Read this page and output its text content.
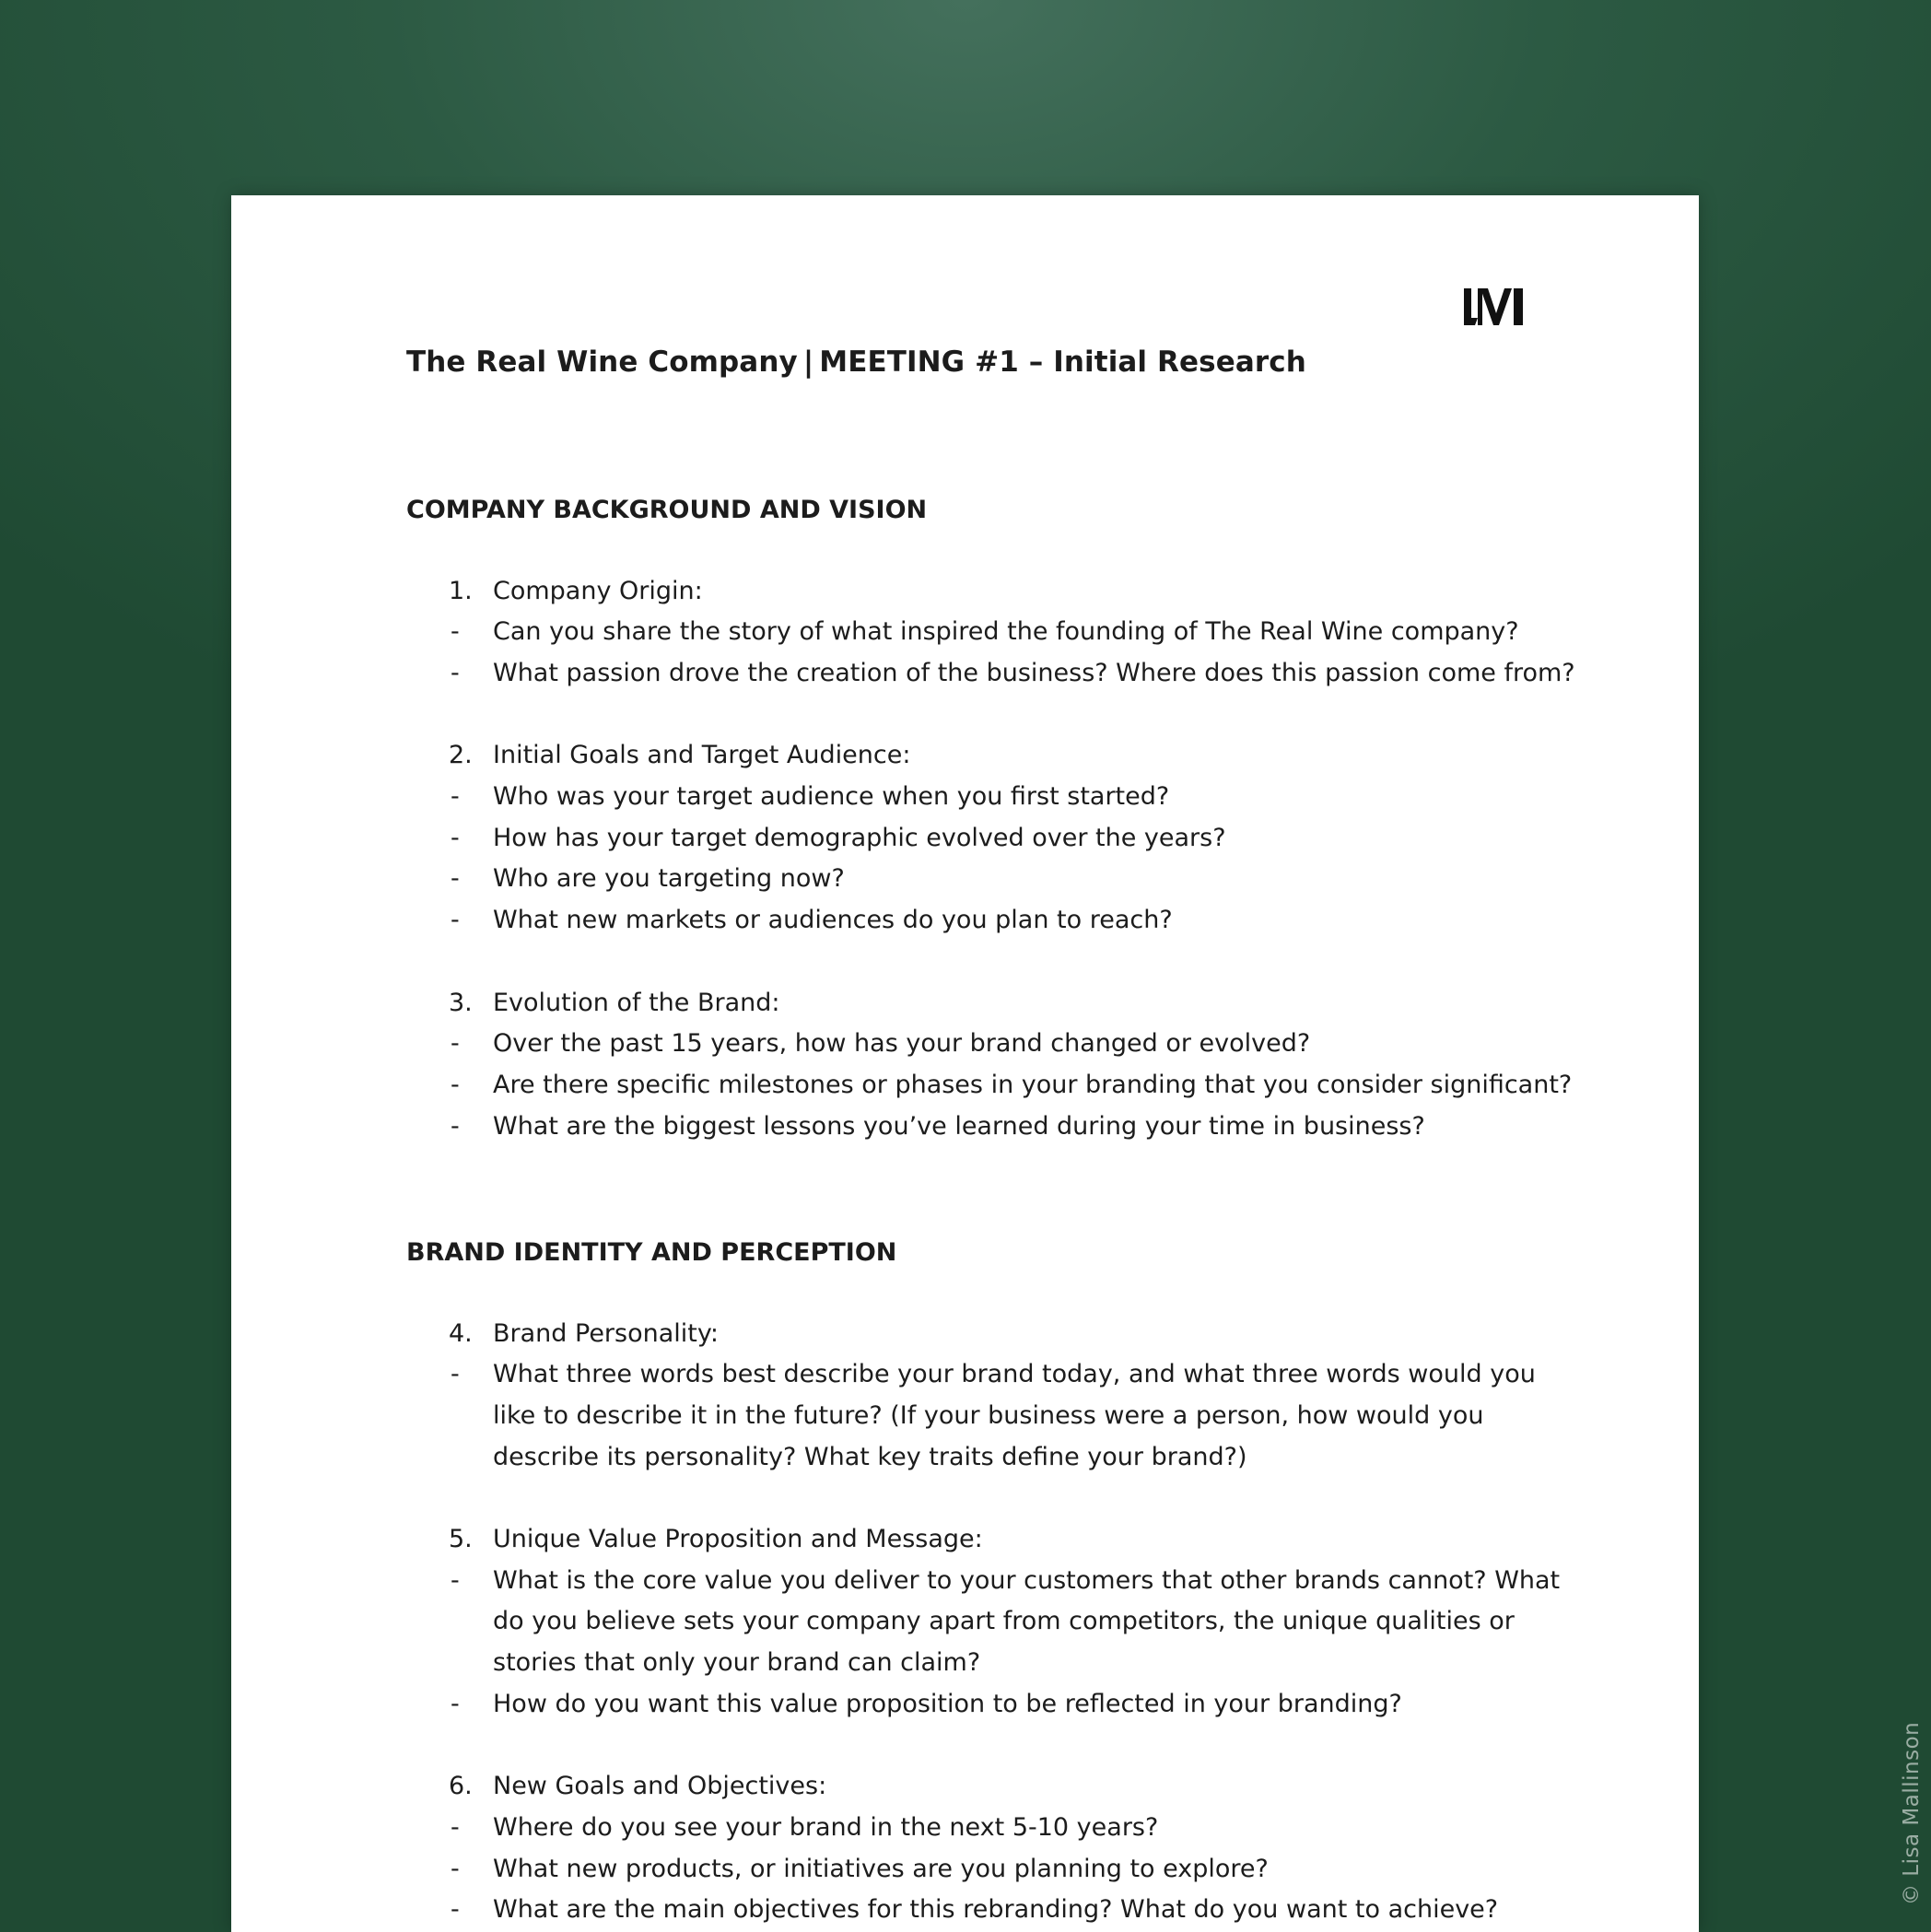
The Real Wine Company | MEETING #1 – Initial Research
COMPANY BACKGROUND AND VISION
1. Company Origin:
- Can you share the story of what inspired the founding of The Real Wine company?
- What passion drove the creation of the business? Where does this passion come from?
2. Initial Goals and Target Audience:
- Who was your target audience when you first started?
- How has your target demographic evolved over the years?
- Who are you targeting now?
- What new markets or audiences do you plan to reach?
3. Evolution of the Brand:
- Over the past 15 years, how has your brand changed or evolved?
- Are there specific milestones or phases in your branding that you consider significant?
- What are the biggest lessons you’ve learned during your time in business?
BRAND IDENTITY AND PERCEPTION
4. Brand Personality:
- What three words best describe your brand today, and what three words would you
like to describe it in the future? (If your business were a person, how would you
describe its personality? What key traits define your brand?)
5. Unique Value Proposition and Message:
- What is the core value you deliver to your customers that other brands cannot? What
do you believe sets your company apart from competitors, the unique qualities or
stories that only your brand can claim?
- How do you want this value proposition to be reflected in your branding?
6. New Goals and Objectives:
- Where do you see your brand in the next 5-10 years?
- What new products, or initiatives are you planning to explore?
- What are the main objectives for this rebranding? What do you want to achieve?
© Lisa Mallinson
